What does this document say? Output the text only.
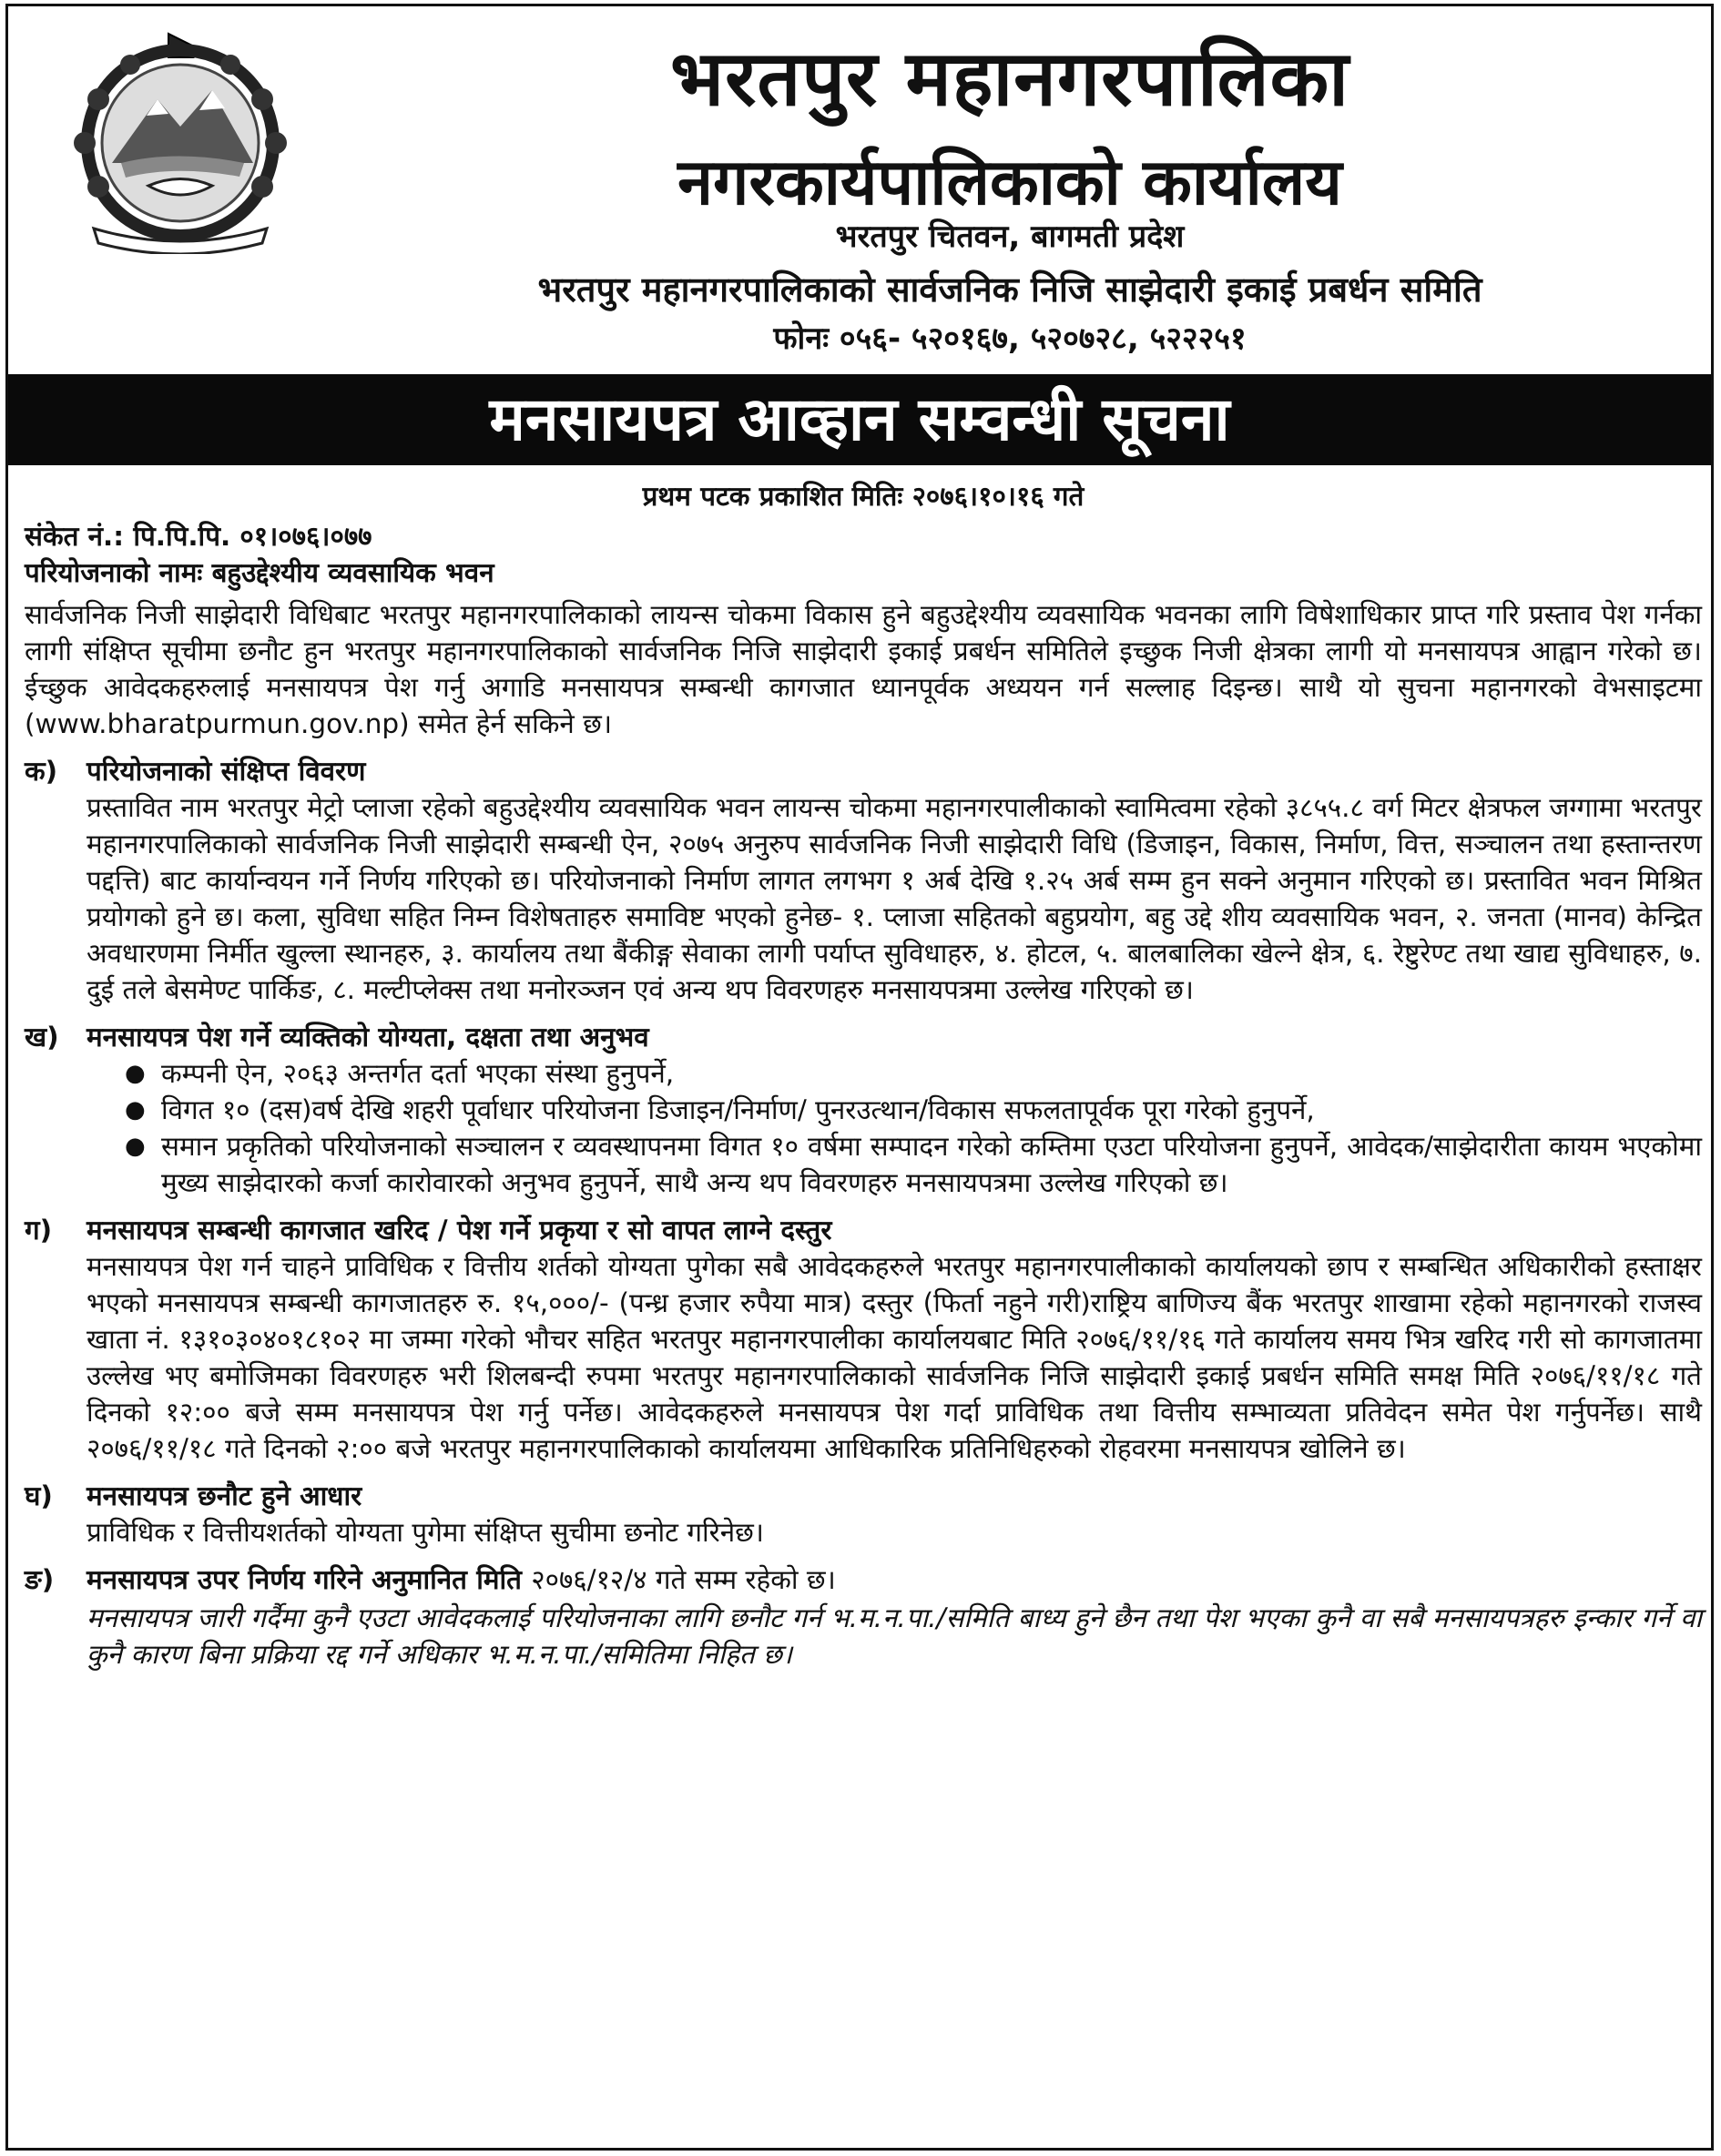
भरतपुर महानगरपालिका
नगरकार्यपालिकाको कार्यालय
भरतपुर चितवन, बागमती प्रदेश
भरतपुर महानगरपालिकाको सार्वजनिक निजि साझेदारी इकाई प्रबर्धन समिति
फोनः ०५६- ५२०१६७, ५२०७२८, ५२२२५१
मनसायपत्र आव्हान सम्वन्धी सूचना
प्रथम पटक प्रकाशित मितिः २०७६।१०।१६ गते
संकेत नं.: पि.पि.पि. ०१।०७६।०७७
परियोजनाको नामः बहुउद्देश्यीय व्यवसायिक भवन
सार्वजनिक निजी साझेदारी विधिबाट भरतपुर महानगरपालिकाको लायन्स चोकमा विकास हुने बहुउद्देश्यीय व्यवसायिक भवनका लागि विषेशाधिकार प्राप्त गरि प्रस्ताव पेश गर्नका लागी संक्षिप्त सूचीमा छनौट हुन भरतपुर महानगरपालिकाको सार्वजनिक निजि साझेदारी इकाई प्रबर्धन समितिले इच्छुक निजी क्षेत्रका लागी यो मनसायपत्र आह्वान गरेको छ। ईच्छुक आवेदकहरुलाई मनसायपत्र पेश गर्नु अगाडि मनसायपत्र सम्बन्धी कागजात ध्यानपूर्वक अध्ययन गर्न सल्लाह दिइन्छ। साथै यो सुचना महानगरको वेभसाइटमा (www.bharatpurmun.gov.np) समेत हेर्न सकिने छ।
क)	परियोजनाको संक्षिप्त विवरण
प्रस्तावित नाम भरतपुर मेट्रो प्लाजा रहेको बहुउद्देश्यीय व्यवसायिक भवन लायन्स चोकमा महानगरपालीकाको स्वामित्वमा रहेको ३८५५.८ वर्ग मिटर क्षेत्रफल जग्गामा भरतपुर महानगरपालिकाको सार्वजनिक निजी साझेदारी सम्बन्धी ऐन, २०७५ अनुरुप सार्वजनिक निजी साझेदारी विधि (डिजाइन, विकास, निर्माण, वित्त, सञ्चालन तथा हस्तान्तरण पद्दत्ति) बाट कार्यान्वयन गर्ने निर्णय गरिएको छ। परियोजनाको निर्माण लागत लगभग १ अर्ब देखि १.२५ अर्ब सम्म हुन सक्ने अनुमान गरिएको छ। प्रस्तावित भवन मिश्रित प्रयोगको हुने छ। कला, सुविधा सहित निम्न विशेषताहरु समाविष्ट भएको हुनेछ- १. प्लाजा सहितको बहुप्रयोग, बहु उद्दे शीय व्यवसायिक भवन, २. जनता (मानव) केन्द्रित अवधारणमा निर्मीत खुल्ला स्थानहरु, ३. कार्यालय तथा बैंकीङ्ग सेवाका लागी पर्याप्त सुविधाहरु, ४. होटल, ५. बालबालिका खेल्ने क्षेत्र, ६. रेष्टुरेण्ट तथा खाद्य सुविधाहरु, ७. दुई तले बेसमेण्ट पार्किङ, ८. मल्टीप्लेक्स तथा मनोरञ्जन एवं अन्य थप विवरणहरु मनसायपत्रमा उल्लेख गरिएको छ।
ख)	मनसायपत्र पेश गर्ने व्यक्तिको योग्यता, दक्षता तथा अनुभव
● कम्पनी ऐन, २०६३ अन्तर्गत दर्ता भएका संस्था हुनुपर्ने,
● विगत १० (दस)वर्ष देखि शहरी पूर्वाधार परियोजना डिजाइन/निर्माण/ पुनरउत्थान/विकास सफलतापूर्वक पूरा गरेको हुनुपर्ने,
● समान प्रकृतिको परियोजनाको सञ्चालन र व्यवस्थापनमा विगत १० वर्षमा सम्पादन गरेको कम्तिमा एउटा परियोजना हुनुपर्ने, आवेदक/साझेदारीता कायम भएकोमा मुख्य साझेदारको कर्जा कारोवारको अनुभव हुनुपर्ने, साथै अन्य थप विवरणहरु मनसायपत्रमा उल्लेख गरिएको छ।
ग)	मनसायपत्र सम्बन्धी कागजात खरिद / पेश गर्ने प्रकृया र सो वापत लाग्ने दस्तुर
मनसायपत्र पेश गर्न चाहने प्राविधिक र वित्तीय शर्तको योग्यता पुगेका सबै आवेदकहरुले भरतपुर महानगरपालीकाको कार्यालयको छाप र सम्बन्धित अधिकारीको हस्ताक्षर भएको मनसायपत्र सम्बन्धी कागजातहरु रु. १५,०००/- (पन्ध्र हजार रुपैया मात्र) दस्तुर (फिर्ता नहुने गरी)राष्ट्रिय बाणिज्य बैंक भरतपुर शाखामा रहेको महानगरको राजस्व खाता नं. १३१०३०४०१८१०२ मा जम्मा गरेको भौचर सहित भरतपुर महानगरपालीका कार्यालयबाट मिति २०७६/११/१६ गते कार्यालय समय भित्र खरिद गरी सो कागजातमा उल्लेख भए बमोजिमका विवरणहरु भरी शिलबन्दी रुपमा भरतपुर महानगरपालिकाको सार्वजनिक निजि साझेदारी इकाई प्रबर्धन समिति समक्ष मिति २०७६/११/१८ गते दिनको १२:०० बजे सम्म मनसायपत्र पेश गर्नु पर्नेछ। आवेदकहरुले मनसायपत्र पेश गर्दा प्राविधिक तथा वित्तीय सम्भाव्यता प्रतिवेदन समेत पेश गर्नुपर्नेछ। साथै २०७६/११/१८ गते दिनको २:०० बजे भरतपुर महानगरपालिकाको कार्यालयमा आधिकारिक प्रतिनिधिहरुको रोहवरमा मनसायपत्र खोलिने छ।
घ)	मनसायपत्र छनौट हुने आधार
प्राविधिक र वित्तीयशर्तको योग्यता पुगेमा संक्षिप्त सुचीमा छनोट गरिनेछ।
ङ)	मनसायपत्र उपर निर्णय गरिने अनुमानित मिति २०७६/१२/४ गते सम्म रहेको छ।
मनसायपत्र जारी गर्दैमा कुनै एउटा आवेदकलाई परियोजनाका लागि छनौट गर्न भ.म.न.पा./समिति बाध्य हुने छैन तथा पेश भएका कुनै वा सबै मनसायपत्रहरु इन्कार गर्ने वा कुनै कारण बिना प्रक्रिया रद्द गर्ने अधिकार भ.म.न.पा./समितिमा निहित छ।
